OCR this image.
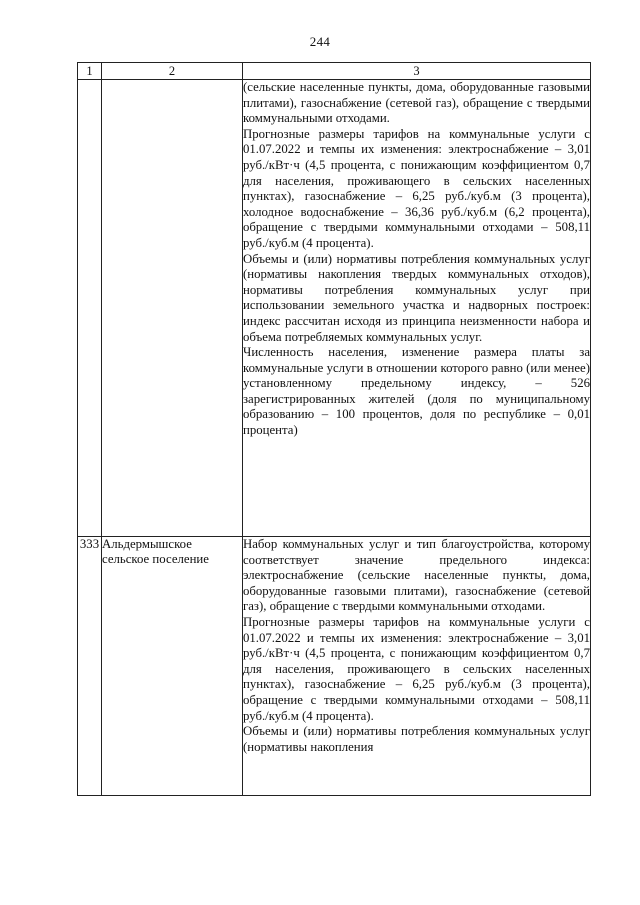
244
1	2	3

		(сельские населенные пункты, дома, оборудованные газовыми плитами), газоснабжение (сетевой газ), обращение с твердыми коммунальными отходами.

Прогнозные размеры тарифов на коммунальные услуги с 01.07.2022 и темпы их изменения: электроснабжение – 3,01 руб./кВт·ч (4,5 процента, с понижающим коэффициентом 0,7 для населения, проживающего в сельских населенных пунктах), газоснабжение – 6,25 руб./куб.м (3 процента), холодное водоснабжение – 36,36 руб./куб.м (6,2 процента), обращение с твердыми коммунальными отходами – 508,11 руб./куб.м (4 процента).

Объемы и (или) нормативы потребления коммунальных услуг (нормативы накопления твердых коммунальных отходов), нормативы потребления коммунальных услуг при использовании земельного участка и надворных построек: индекс рассчитан исходя из принципа неизменности набора и объема потребляемых коммунальных услуг.

Численность населения, изменение размера платы за коммунальные услуги в отношении которого равно (или менее) установленному предельному индексу, – 526 зарегистрированных жителей (доля по муниципальному образованию – 100 процентов, доля по республике – 0,01 процента)

333	Альдермышское сельское поселение	Набор коммунальных услуг и тип благоустройства, которому соответствует значение предельного индекса: электроснабжение (сельские населенные пункты, дома, оборудованные газовыми плитами), газоснабжение (сетевой газ), обращение с твердыми коммунальными отходами.

Прогнозные размеры тарифов на коммунальные услуги с 01.07.2022 и темпы их изменения: электроснабжение – 3,01 руб./кВт·ч (4,5 процента, с понижающим коэффициентом 0,7 для населения, проживающего в сельских населенных пунктах), газоснабжение – 6,25 руб./куб.м (3 процента), обращение с твердыми коммунальными отходами – 508,11 руб./куб.м (4 процента).

Объемы и (или) нормативы потребления коммунальных услуг (нормативы накопления
